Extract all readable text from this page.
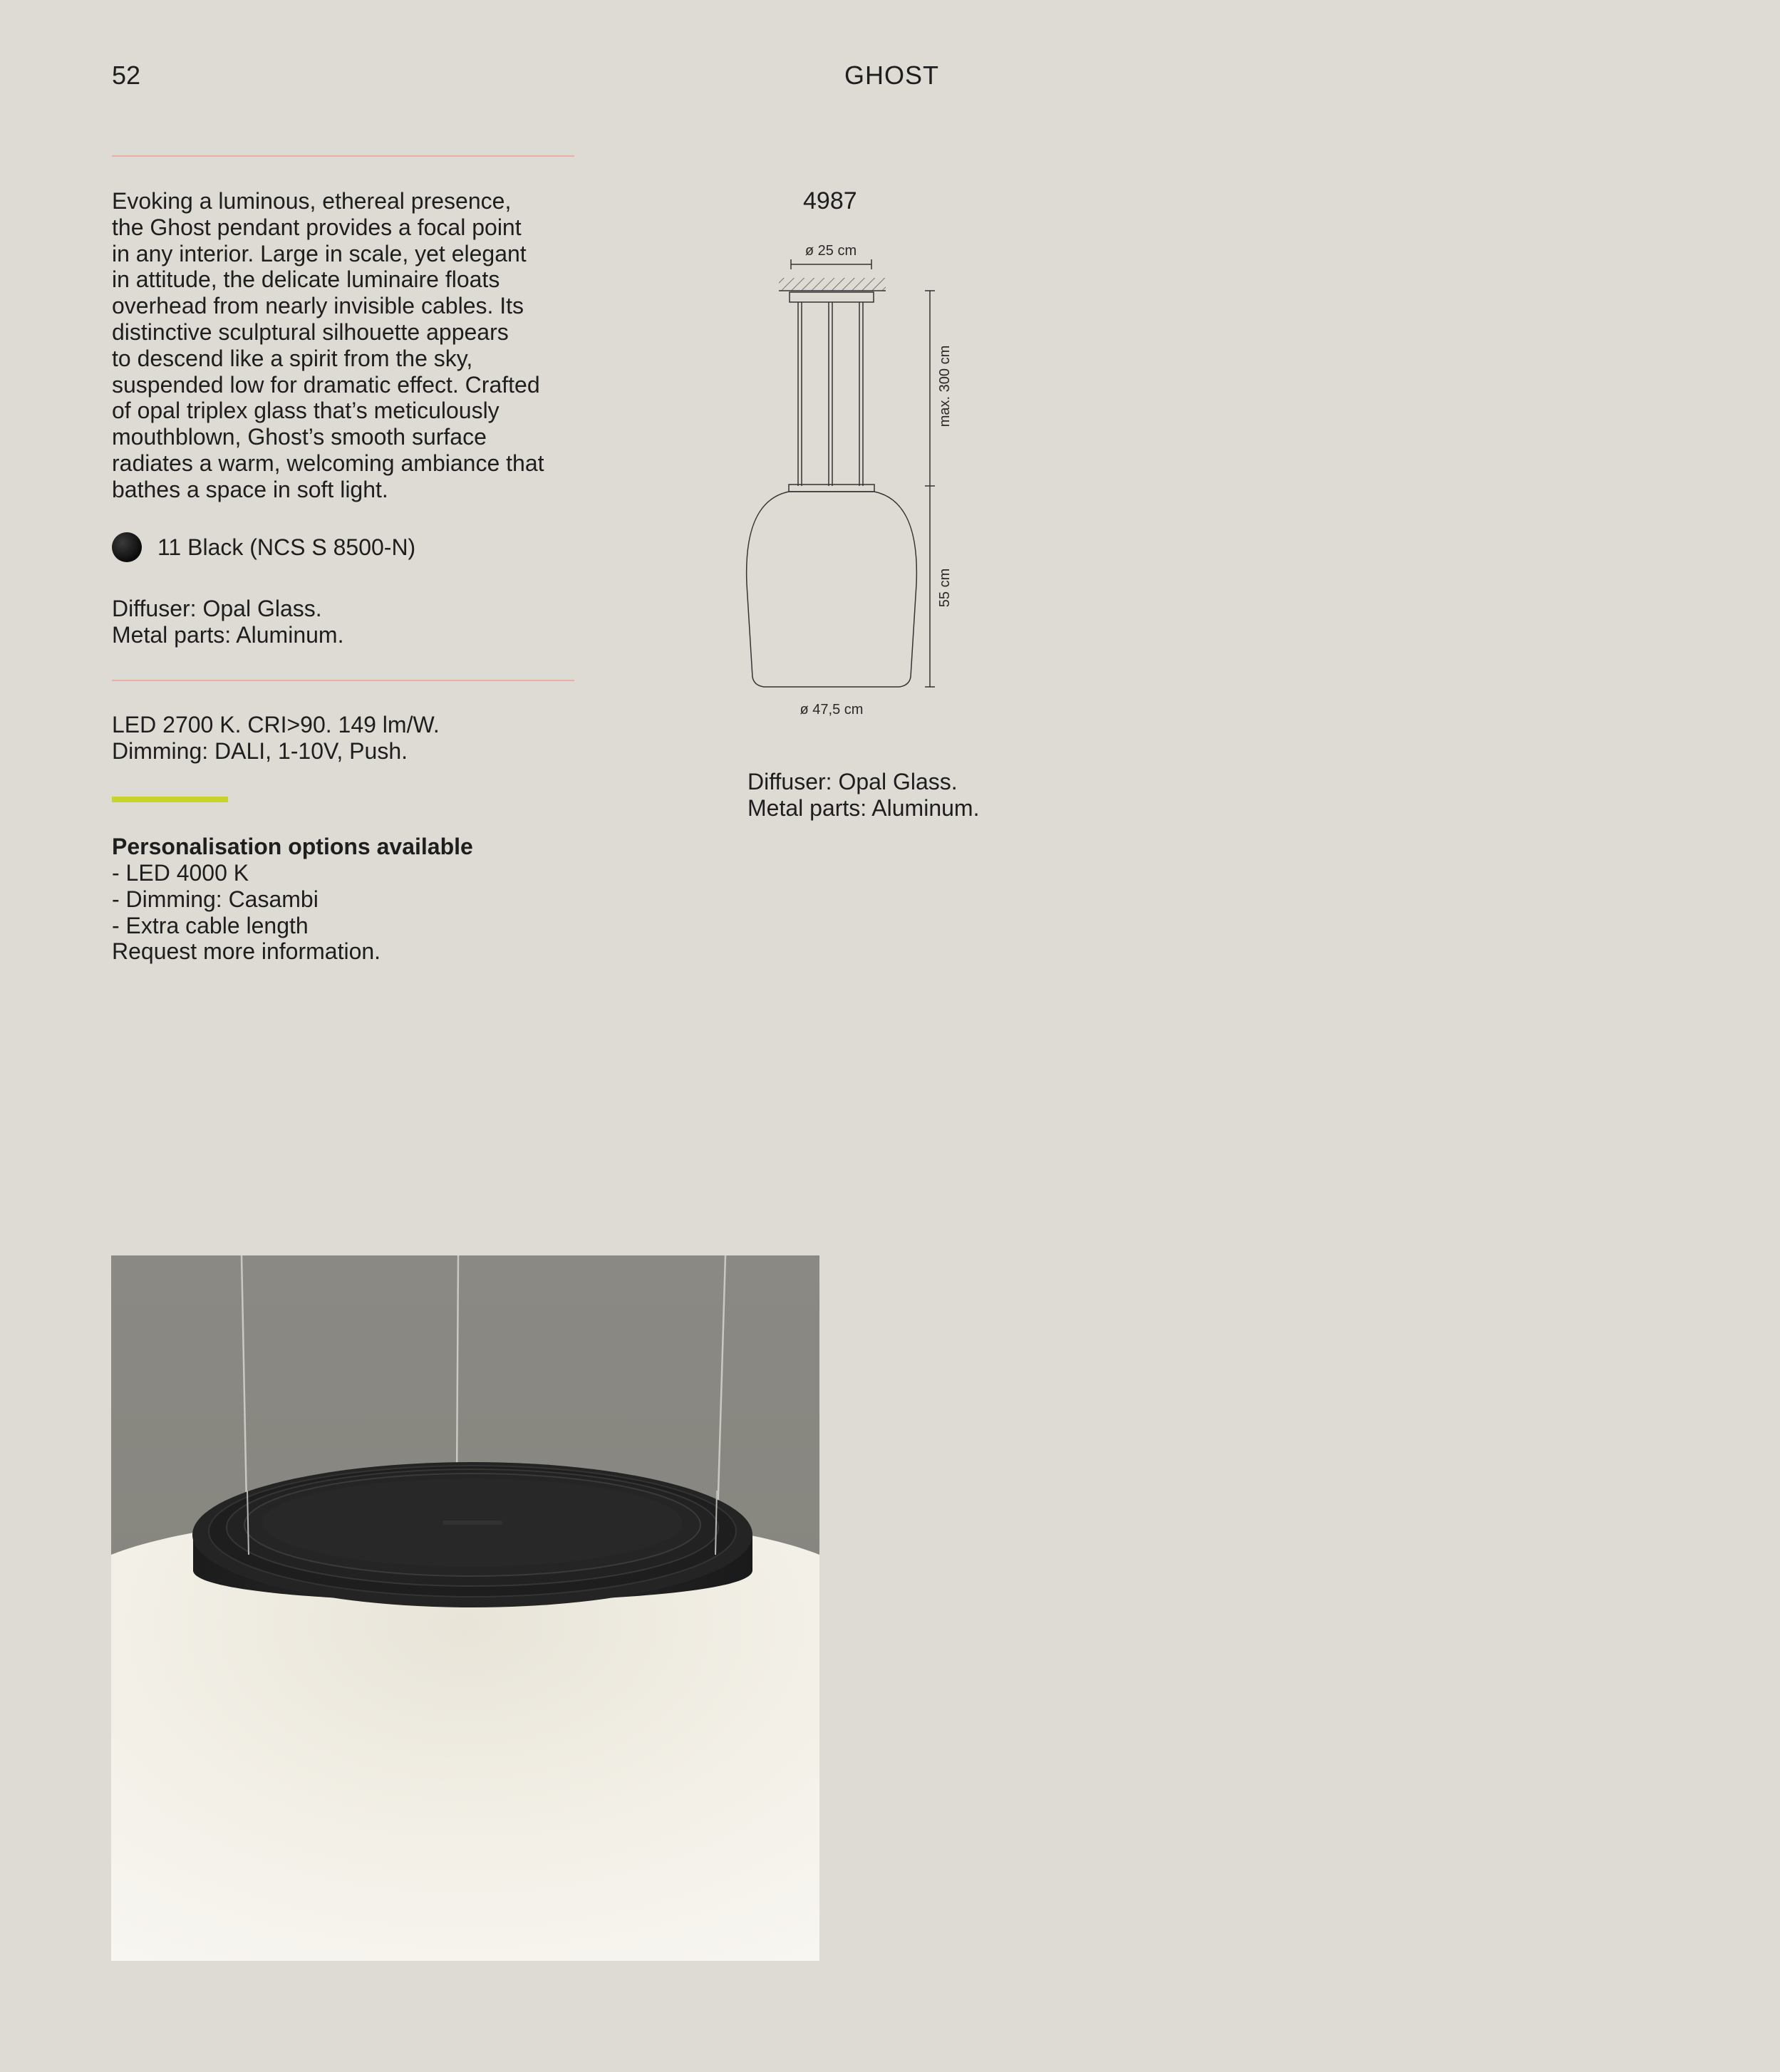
52	GHOST
Evoking a luminous, ethereal presence,
the Ghost pendant provides a focal point
in any interior. Large in scale, yet elegant
in attitude, the delicate luminaire floats
overhead from nearly invisible cables. Its
distinctive sculptural silhouette appears
to descend like a spirit from the sky,
suspended low for dramatic effect. Crafted
of opal triplex glass that’s meticulously
mouthblown, Ghost’s smooth surface
radiates a warm, welcoming ambiance that
bathes a space in soft light.
11 Black (NCS S 8500-N)
Diffuser: Opal Glass.
Metal parts: Aluminum.
LED 2700 K. CRI>90. 149 lm/W.
Dimming: DALI, 1-10V, Push.
Personalisation options available
- LED 4000 K
- Dimming: Casambi
- Extra cable length
Request more information.
4987
ø 25 cm
max. 300 cm
55 cm
ø 47,5 cm
Diffuser: Opal Glass.
Metal parts: Aluminum.
